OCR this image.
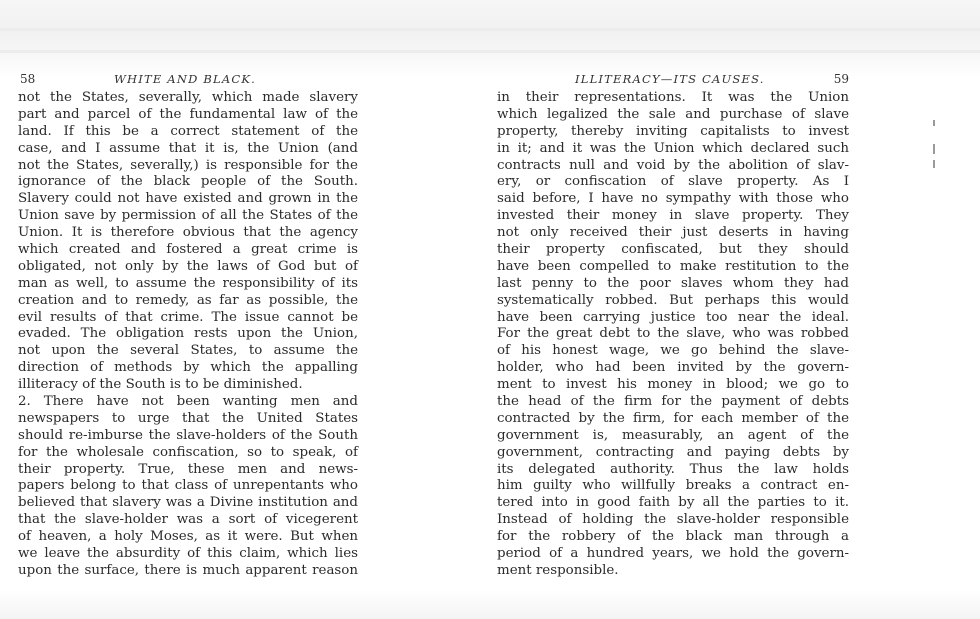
58	WHITE AND BLACK.
not the States, severally, which made slavery
part and parcel of the fundamental law of the
land. If this be a correct statement of the
case, and I assume that it is, the Union (and
not the States, severally,) is responsible for the
ignorance of the black people of the South.
Slavery could not have existed and grown in the
Union save by permission of all the States of the
Union. It is therefore obvious that the agency
which created and fostered a great crime is
obligated, not only by the laws of God but of
man as well, to assume the responsibility of its
creation and to remedy, as far as possible, the
evil results of that crime. The issue cannot be
evaded. The obligation rests upon the Union,
not upon the several States, to assume the
direction of methods by which the appalling
illiteracy of the South is to be diminished.
2. There have not been wanting men and
newspapers to urge that the United States
should re-imburse the slave-holders of the South
for the wholesale confiscation, so to speak, of
their property. True, these men and news-
papers belong to that class of unrepentants who
believed that slavery was a Divine institution and
that the slave-holder was a sort of vicegerent
of heaven, a holy Moses, as it were. But when
we leave the absurdity of this claim, which lies
upon the surface, there is much apparent reason
ILLITERACY—ITS CAUSES.	59
in their representations. It was the Union
which legalized the sale and purchase of slave
property, thereby inviting capitalists to invest
in it; and it was the Union which declared such
contracts null and void by the abolition of slav-
ery, or confiscation of slave property. As I
said before, I have no sympathy with those who
invested their money in slave property. They
not only received their just deserts in having
their property confiscated, but they should
have been compelled to make restitution to the
last penny to the poor slaves whom they had
systematically robbed. But perhaps this would
have been carrying justice too near the ideal.
For the great debt to the slave, who was robbed
of his honest wage, we go behind the slave-
holder, who had been invited by the govern-
ment to invest his money in blood; we go to
the head of the firm for the payment of debts
contracted by the firm, for each member of the
government is, measurably, an agent of the
government, contracting and paying debts by
its delegated authority. Thus the law holds
him guilty who willfully breaks a contract en-
tered into in good faith by all the parties to it.
Instead of holding the slave-holder responsible
for the robbery of the black man through a
period of a hundred years, we hold the govern-
ment responsible.
